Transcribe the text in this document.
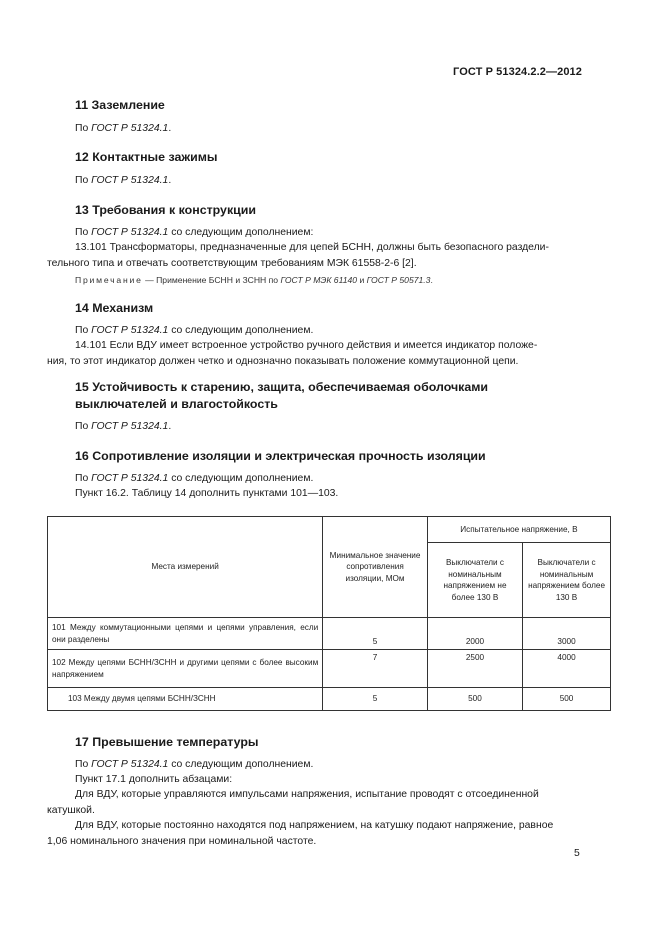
ГОСТ Р 51324.2.2—2012
11 Заземление

По ГОСТ Р 51324.1.

12 Контактные зажимы

По ГОСТ Р 51324.1.

13 Требования к конструкции

По ГОСТ Р 51324.1 со следующим дополнением:

13.101 Трансформаторы, предназначенные для цепей БСНН, должны быть безопасного раздели-
тельного типа и отвечать соответствующим требованиям МЭК 61558-2-6 [2].

Примечание — Применение БСНН и ЗСНН по ГОСТ Р МЭК 61140 и ГОСТ Р 50571.3.

14 Механизм

По ГОСТ Р 51324.1 со следующим дополнением.

14.101 Если ВДУ имеет встроенное устройство ручного действия и имеется индикатор положе-
ния, то этот индикатор должен четко и однозначно показывать положение коммутационной цепи.

15 Устойчивость к старению, защита, обеспечиваемая оболочками
выключателей и влагостойкость

По ГОСТ Р 51324.1.

16 Сопротивление изоляции и электрическая прочность изоляции

По ГОСТ Р 51324.1 со следующим дополнением.

Пункт 16.2. Таблицу 14 дополнить пунктами 101—103.

Места измерений	Минимальное значение сопротивления изоляции, МОм	Испытательное напряжение, В	
		Выключатели с номинальным напряжением не более 130 В	Выключатели с номинальным напряжением более 130 В
101 Между коммутационными цепями и цепями управления, если они разделены	5	2000	3000
102 Между цепями БСНН/ЗСНН и другими цепями с более высоким напряжением	7	2500	4000
103 Между двумя цепями БСНН/ЗСНН	5	500	500
17 Превышение температуры

По ГОСТ Р 51324.1 со следующим дополнением.

Пункт 17.1 дополнить абзацами:

Для ВДУ, которые управляются импульсами напряжения, испытание проводят с отсоединенной
катушкой.

Для ВДУ, которые постоянно находятся под напряжением, на катушку подают напряжение, равное
1,06 номинального значения при номинальной частоте.

5
